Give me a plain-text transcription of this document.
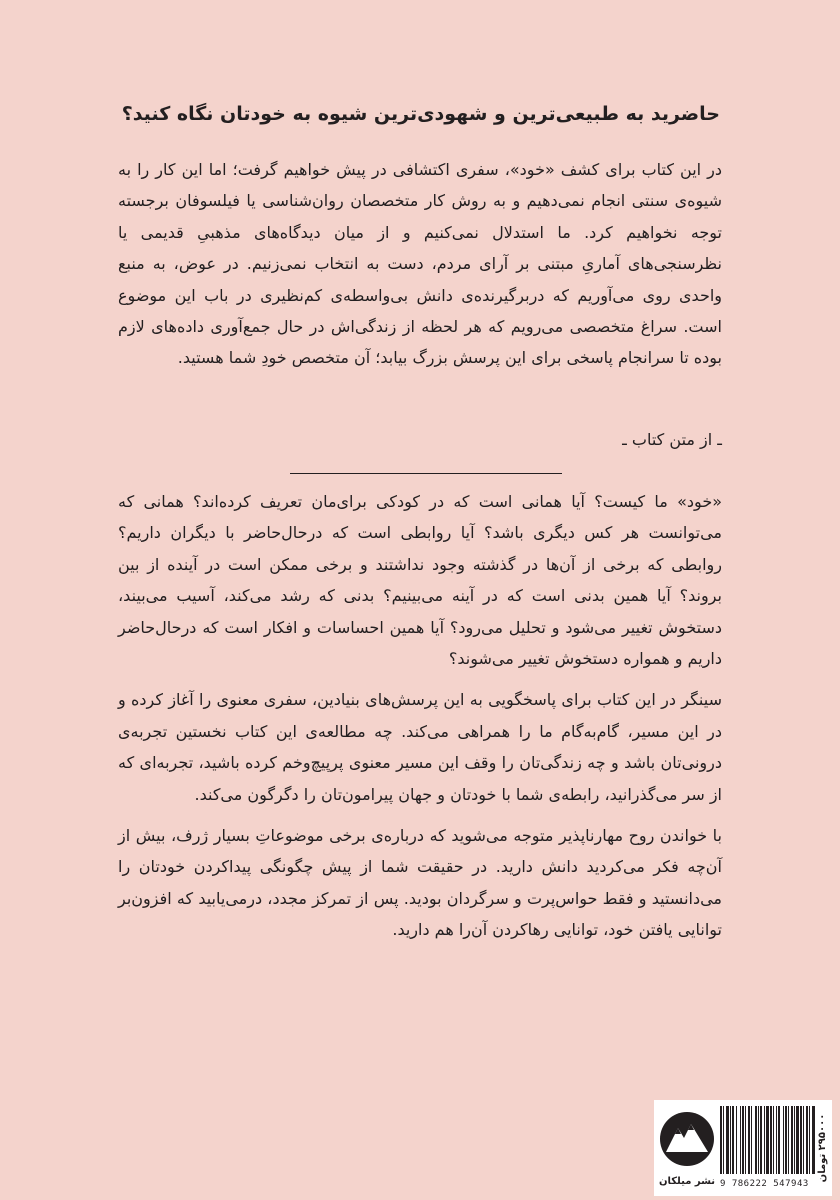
حاضرید به طبیعی‌ترین و شهودی‌ترین شیوه به خودتان نگاه کنید؟

در این کتاب برای کشف «خود»، سفری اکتشافی در پیش خواهیم گرفت؛ اما این کار را به شیوه‌ی سنتی انجام نمی‌دهیم و به روش کار متخصصان روان‌شناسی یا فیلسوفان برجسته توجه نخواهیم کرد. ما استدلال نمی‌کنیم و از میان دیدگاه‌های مذهبیِ قدیمی یا نظرسنجی‌های آماریِ مبتنی بر آرای مردم، دست به انتخاب نمی‌زنیم. در عوض، به منبع واحدی روی می‌آوریم که دربرگیرنده‌ی دانش بی‌واسطه‌ی کم‌نظیری در باب این موضوع است. سراغ متخصصی می‌رویم که هر لحظه از زندگی‌اش در حال جمع‌آوری داده‌های لازم بوده تا سرانجام پاسخی برای این پرسش بزرگ بیابد؛ آن متخصص خودِ شما هستید.

ـ از متن کتاب ـ

«خود» ما کیست؟ آیا همانی است که در کودکی برای‌مان تعریف کرده‌اند؟ همانی که می‌توانست هر کس دیگری باشد؟ آیا روابطی است که درحال‌حاضر با دیگران داریم؟ روابطی که برخی از آن‌ها در گذشته وجود نداشتند و برخی ممکن است در آینده از بین بروند؟ آیا همین بدنی است که در آینه می‌بینیم؟ بدنی که رشد می‌کند، آسیب می‌بیند، دستخوش تغییر می‌شود و تحلیل می‌رود؟ آیا همین احساسات و افکار است که درحال‌حاضر داریم و همواره دستخوش تغییر می‌شوند؟

سینگر در این کتاب برای پاسخگویی به این پرسش‌های بنیادین، سفری معنوی را آغاز کرده و در این مسیر، گام‌به‌گام ما را همراهی می‌کند. چه مطالعه‌ی این کتاب نخستین تجربه‌ی درونی‌تان باشد و چه زندگی‌تان را وقف این مسیر معنوی پرپیچ‌وخم کرده باشید، تجربه‌ای که از سر می‌گذرانید، رابطه‌ی شما با خودتان و جهان پیرامون‌تان را دگرگون می‌کند.

با خواندن روح مهارناپذیر متوجه می‌شوید که درباره‌ی برخی موضوعاتِ بسیار ژرف، بیش از آن‌چه فکر می‌کردید دانش دارید. در حقیقت شما از پیش چگونگی پیداکردن خودتان را می‌دانستید و فقط حواس‌پرت و سرگردان بودید. پس از تمرکز مجدد، درمی‌یابید که افزون‌بر توانایی یافتن خود، توانایی رهاکردن آن‌را هم دارید.

نشر میلکان 9 786222 547943
۲۹۵۰۰۰ تومان
